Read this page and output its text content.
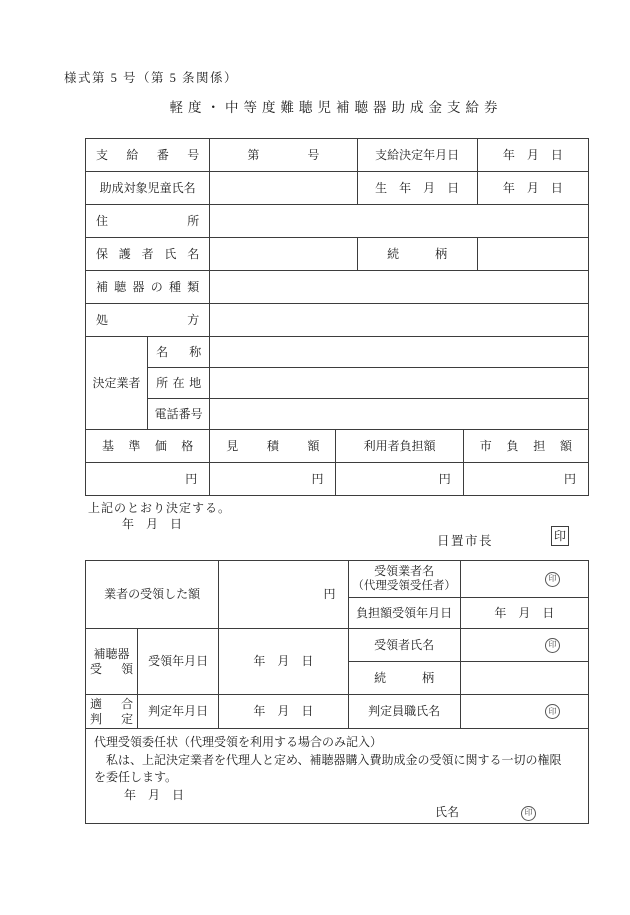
様式第 5 号（第 5 条関係）
軽度・中等度難聴児補聴器助成金支給券
支給番号		第　　　　号		支給決定年月日		年　月　日
助成対象児童氏名				生　年　月　日		年　月　日
住所						
保護者氏名				続　　　柄		
補聴器の種類						
処方						
決定業者	名称					
	所在地					
	電話番号					
基準価格		見積額	利用者負担額		市負担額	
円		円	円		円	
上記のとおり決定する。
年　月　日
日置市長	印
業者の受領した額		円	受領業者名
（代理受領受任者）	印
			負担額受領年月日	年　月　日

補聴器
受　領	受領年月日	年　月　日	受領者氏名	印
			続　　　柄	

適　合
判　定	判定年月日	年　月　日	判定員職氏名	印

代理受領委任状（代理受領を利用する場合のみ記入）
　私は、上記決定業者を代理人と定め、補聴器購入費助成金の受領に関する一切の権限を委任します。
年　月　日
氏名 印				
